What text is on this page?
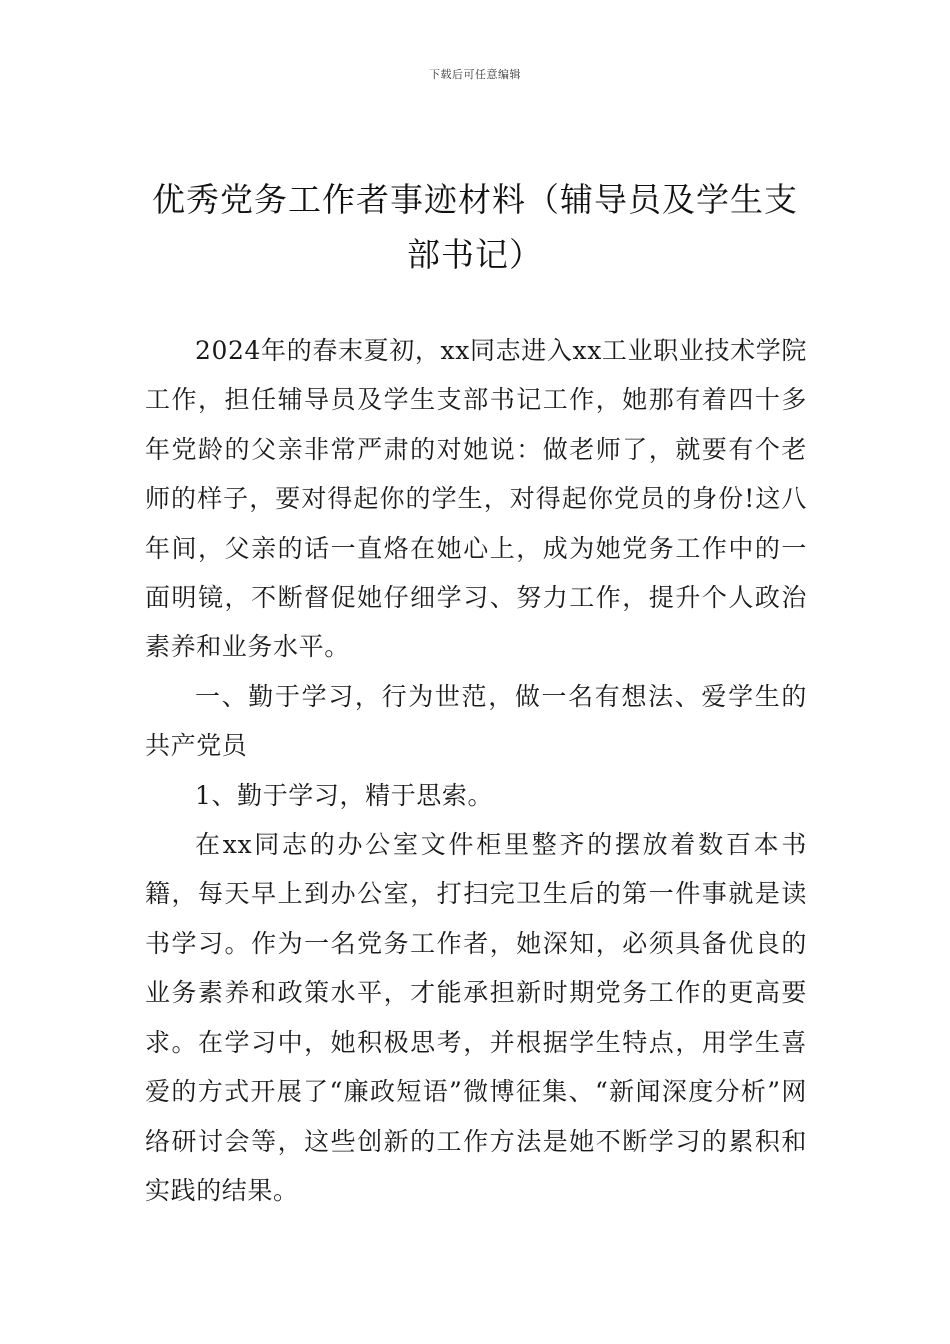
下载后可任意编辑
优秀党务工作者事迹材料（辅导员及学生支部书记）

2024年的春末夏初，xx同志进入xx工业职业技术学院工作，担任辅导员及学生支部书记工作，她那有着四十多年党龄的父亲非常严肃的对她说：做老师了，就要有个老师的样子，要对得起你的学生，对得起你党员的身份!这八年间，父亲的话一直烙在她心上，成为她党务工作中的一面明镜，不断督促她仔细学习、努力工作，提升个人政治素养和业务水平。

一、勤于学习，行为世范，做一名有想法、爱学生的共产党员

1、勤于学习，精于思索。

在xx同志的办公室文件柜里整齐的摆放着数百本书籍，每天早上到办公室，打扫完卫生后的第一件事就是读书学习。作为一名党务工作者，她深知，必须具备优良的业务素养和政策水平，才能承担新时期党务工作的更高要求。在学习中，她积极思考，并根据学生特点，用学生喜爱的方式开展了“廉政短语”微博征集、“新闻深度分析”网络研讨会等，这些创新的工作方法是她不断学习的累积和实践的结果。
